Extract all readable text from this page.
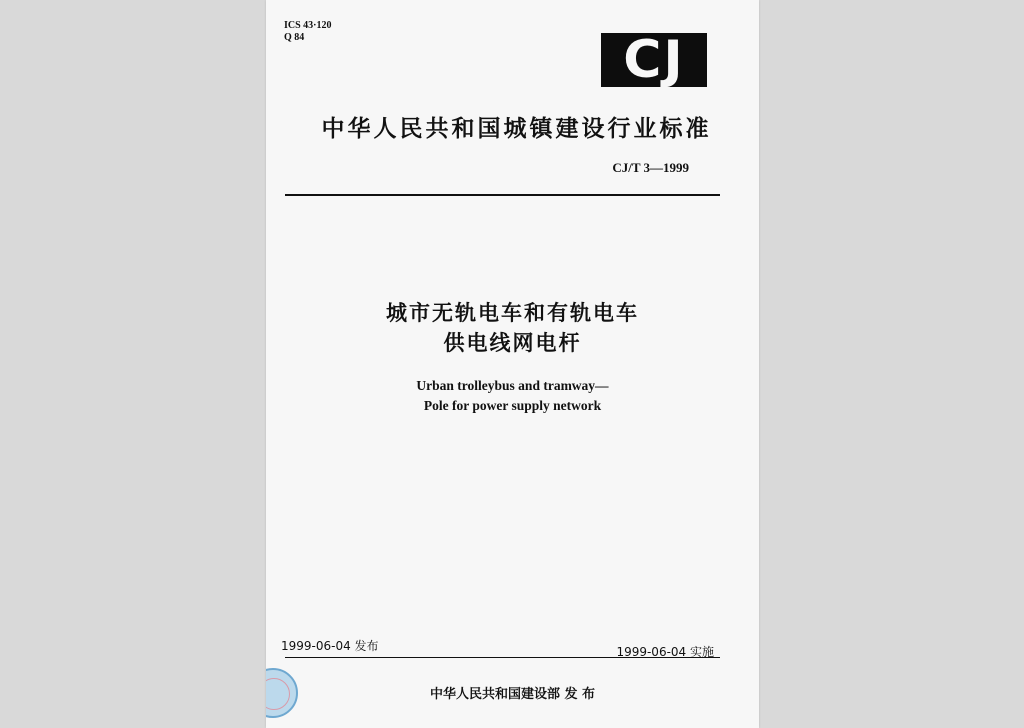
ICS 43·120
Q 84	CJ
中华人民共和国城镇建设行业标准
CJ/T 3—1999
城市无轨电车和有轨电车
供电线网电杆
Urban trolleybus and tramway—
Pole for power supply network
1999-06-04 发布	1999-06-04 实施
中华人民共和国建设部 发 布
